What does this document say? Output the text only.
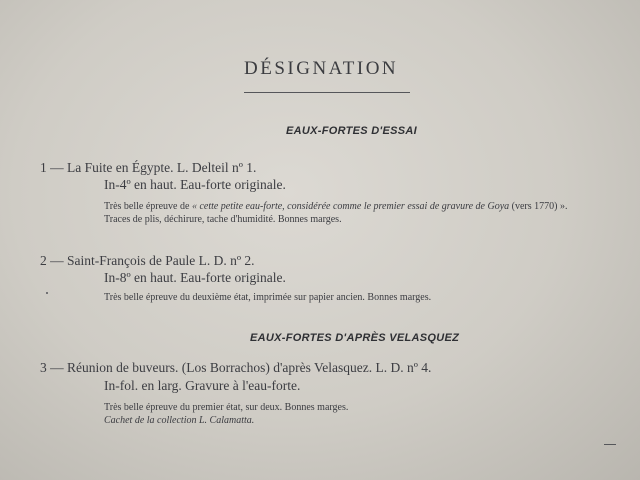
DÉSIGNATION
EAUX-FORTES D'ESSAI
1 — La Fuite en Égypte. L. Delteil nº 1.
In-4º en haut. Eau-forte originale.
Très belle épreuve de « cette petite eau-forte, considérée comme le premier essai de gravure de Goya (vers 1770) ».
Traces de plis, déchirure, tache d'humidité. Bonnes marges.
2 — Saint-François de Paule L. D. nº 2.
In-8º en haut. Eau-forte originale.
Très belle épreuve du deuxième état, imprimée sur papier ancien. Bonnes marges.
EAUX-FORTES D'APRÈS VELASQUEZ
3 — Réunion de buveurs. (Los Borrachos) d'après Velasquez. L. D. nº 4.
In-fol. en larg. Gravure à l'eau-forte.
Très belle épreuve du premier état, sur deux. Bonnes marges.
Cachet de la collection L. Calamatta.
